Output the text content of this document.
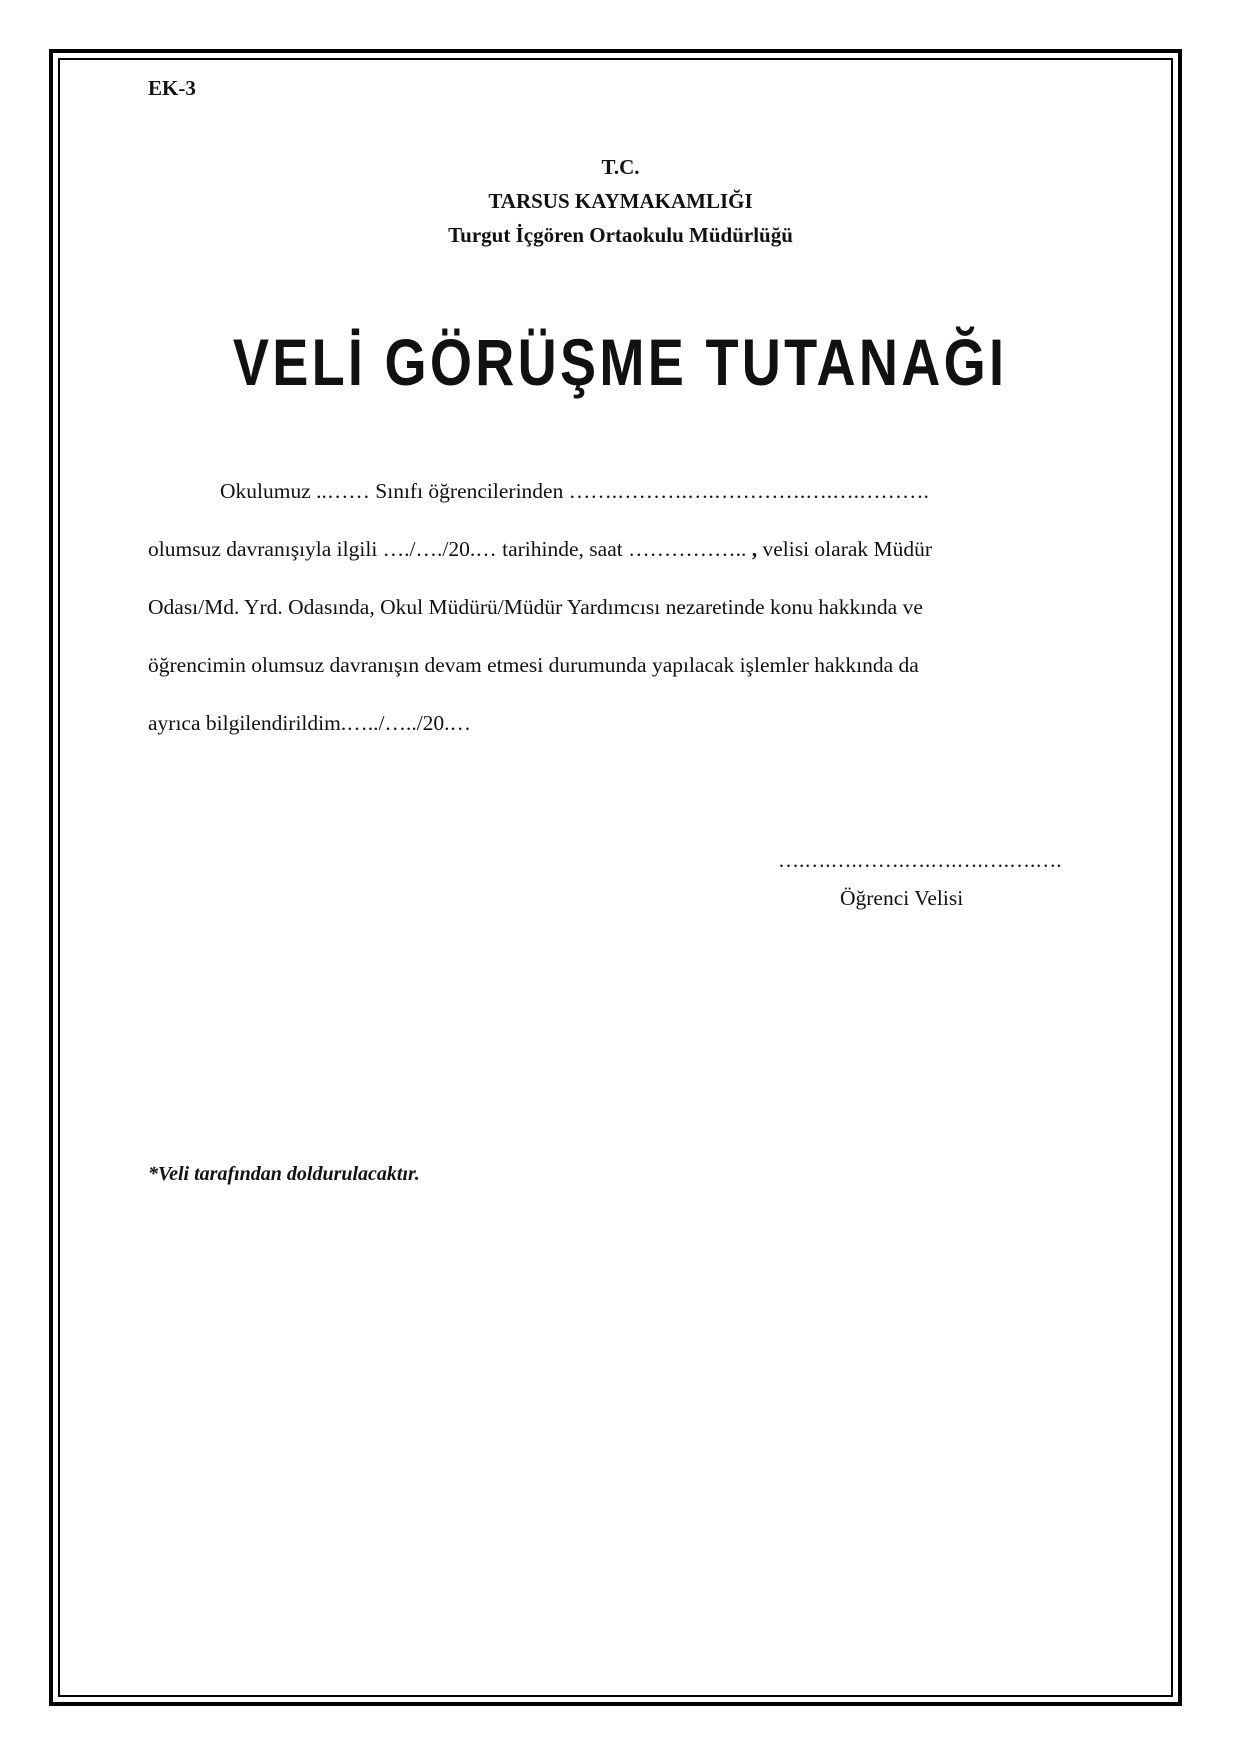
EK-3
T.C.
TARSUS KAYMAKAMLIĞI
Turgut İçgören Ortaokulu Müdürlüğü
VELİ GÖRÜŞME TUTANAĞI
Okulumuz ..…… Sınıfı öğrencilerinden …….……….….………….….….……….
olumsuz davranışıyla ilgili …./…./20.… tarihinde, saat …………….. , velisi olarak Müdür
Odası/Md. Yrd. Odasında, Okul Müdürü/Müdür Yardımcısı nezaretinde konu hakkında ve
öğrencimin olumsuz davranışın devam etmesi durumunda yapılacak işlemler hakkında da
ayrıca bilgilendirildim.…../…../20.…
….….….…….….….….….….….
Öğrenci Velisi
*Veli tarafından doldurulacaktır.
